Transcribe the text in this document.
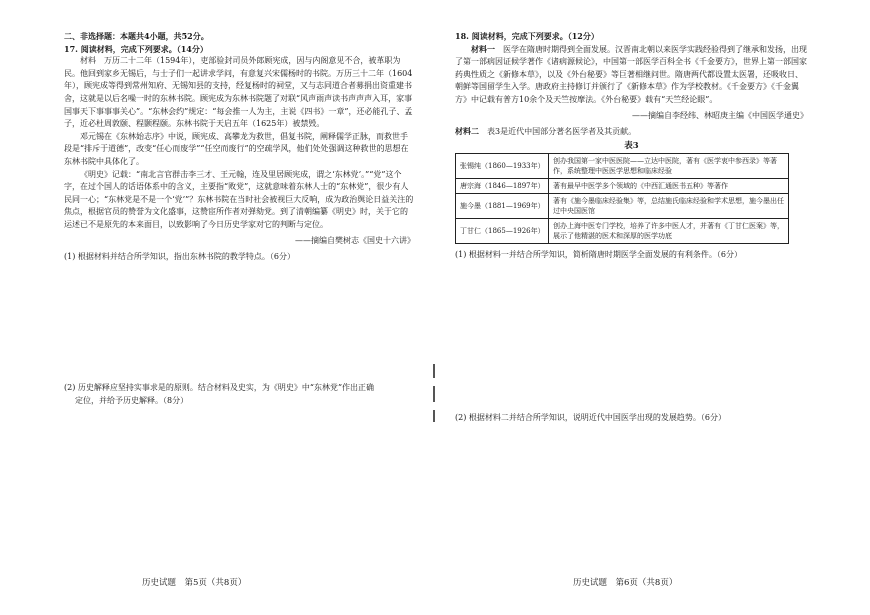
二、非选择题：本题共4小题，共52分。

17. 阅读材料，完成下列要求。（14分）

材料　万历二十二年（1594年），吏部验封司员外郎顾宪成，因与内阁意见不合，被革职为民。他回到家乡无锡后，与士子们一起讲求学问，有意复兴宋儒杨时的书院。万历三十二年（1604年），顾宪成等得到常州知府、无锡知县的支持，经复杨时的祠堂，又与志同道合者募捐出资重建书舍，这就是以后名噪一时的东林书院。顾宪成为东林书院题了对联“风声雨声读书声声声入耳，家事国事天下事事事关心”。“东林会约”规定：“每会推一人为主，主说《四书》一章”，还必能孔子、孟子，近必杜周敦颐、程颢程颐。东林书院于天启五年（1625年）被禁毁。

邓元锡在《东林始志序》中说，顾宪成、高攀龙为救世，倡复书院，阐释儒学正脉，而救世手段是“排斥于道德”，改变“任心而废学”“任空而废行”的空疏学风，他们处处强调这种救世的思想在东林书院中具体化了。

《明史》记载：“南北言官群击李三才、王元翰，连及里居顾宪成，谓之‘东林党’。”“党”这个字，在过个国人的话语体系中的含义，主要指“败党”，这就意味着东林人士的“东林党”，很少有人民同一心；“东林党是不是一个‘党’”？东林书院在当时社会被视巨大反响，成为政治舆论日益关注的焦点，根据官员的赞誉为文化盛事，这赞宦所作者对弹劾党。到了清朝编纂《明史》时，关于它的运述已不是原先的本来面目，以致影响了今日历史学家对它的判断与定位。

——摘编自樊树志《国史十六讲》

(1) 根据材料并结合所学知识，指出东林书院的教学特点。（6分）

(2) 历史解释应坚持实事求是的原则。结合材料及史实，为《明史》中“东林党”作出正确

定位，并给予历史解释。（8分）

历史试题　第5页（共8页）

18. 阅读材料，完成下列要求。（12分）

材料一　 医学在隋唐时期得到全面发展。汉晋南北朝以来医学实践经验得到了继承和发扬，出现了第一部病因证候学著作《诸病源候论》，中国第一部医学百科全书《千金要方》，世界上第一部国家药典性质之《新修本草》，以及《外台秘要》等巨著相继问世。隋唐两代都设置太医署，还吸收日、朝鲜等国留学生入学。唐政府主持修订并颁行了《新修本草》作为学校教材。《千金要方》《千金翼方》中记载有普方10余个及天竺按摩法。《外台秘要》载有“天竺经论眼”。

——摘编自李经纬、林昭庚主编《中国医学通史》

材料二　 表3是近代中国部分著名医学者及其贡献。

表3
张锡纯（1860—1933年）	创办我国第一家中医医院——立达中医院，著有《医学衷中参西录》等著作，系统整理中医医学思想和临床经验
唐宗海（1846—1897年）	著有最早中医学多个领域的《中西汇通医书五种》等著作
施今墨（1881—1969年）	著有《施今墨临床经验集》等，总结施氏临床经验和学术思想，施今墨出任过中央国医馆
丁甘仁（1865—1926年）	创办上海中医专门学校，培养了许多中医人才，并著有《丁甘仁医案》等，展示了他精湛的医术和深厚的医学功底

(1) 根据材料一并结合所学知识，简析隋唐时期医学全面发展的有利条件。（6分）

(2) 根据材料二并结合所学知识，说明近代中国医学出现的发展趋势。（6分）

历史试题　第6页（共8页）
